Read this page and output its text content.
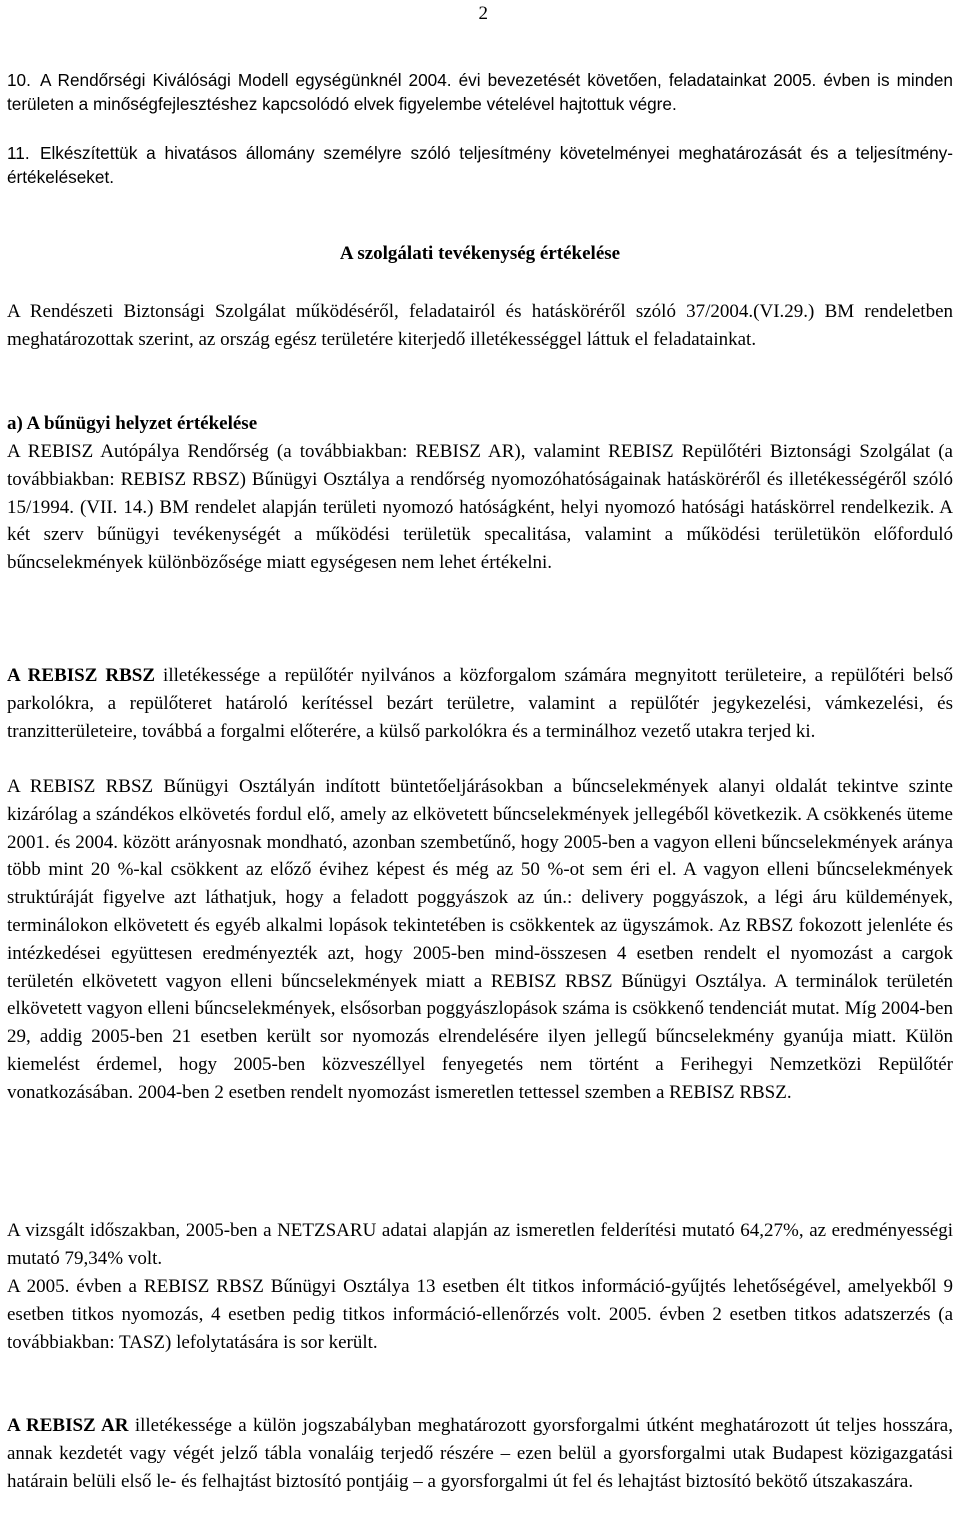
2
10. A Rendőrségi Kiválósági Modell egységünknél 2004. évi bevezetését követően, feladatainkat 2005. évben is minden területen a minőségfejlesztéshez kapcsolódó elvek figyelembe vételével hajtottuk végre.
11. Elkészítettük a hivatásos állomány személyre szóló teljesítmény követelményei meghatározását és a teljesítmény-értékeléseket.
A szolgálati tevékenység értékelése

A Rendészeti Biztonsági Szolgálat működéséről, feladatairól és hatásköréről szóló 37/2004.(VI.29.) BM rendeletben meghatározottak szerint, az ország egész területére kiterjedő illetékességgel láttuk el feladatainkat.

a) A bűnügyi helyzet értékelése

A REBISZ Autópálya Rendőrség (a továbbiakban: REBISZ AR), valamint REBISZ Repülőtéri Biztonsági Szolgálat (a továbbiakban: REBISZ RBSZ) Bűnügyi Osztálya a rendőrség nyomozóhatóságainak hatásköréről és illetékességéről szóló 15/1994. (VII. 14.) BM rendelet alapján területi nyomozó hatóságként, helyi nyomozó hatósági hatáskörrel rendelkezik. A két szerv bűnügyi tevékenységét a működési területük specalitása, valamint a működési területükön előforduló bűncselekmények különbözősége miatt egységesen nem lehet értékelni.

A REBISZ RBSZ illetékessége a repülőtér nyilvános a közforgalom számára megnyitott területeire, a repülőtéri belső parkolókra, a repülőteret határoló kerítéssel bezárt területre, valamint a repülőtér jegykezelési, vámkezelési, és tranzitterületeire, továbbá a forgalmi előterére, a külső parkolókra és a terminálhoz vezető utakra terjed ki.

A REBISZ RBSZ Bűnügyi Osztályán indított büntetőeljárásokban a bűncselekmények alanyi oldalát tekintve szinte kizárólag a szándékos elkövetés fordul elő, amely az elkövetett bűncselekmények jellegéből következik. A csökkenés üteme 2001. és 2004. között arányosnak mondható, azonban szembetűnő, hogy 2005-ben a vagyon elleni bűncselekmények aránya több mint 20 %-kal csökkent az előző évihez képest és még az 50 %-ot sem éri el. A vagyon elleni bűncselekmények struktúráját figyelve azt láthatjuk, hogy a feladott poggyászok az ún.: delivery poggyászok, a légi áru küldemények, terminálokon elkövetett és egyéb alkalmi lopások tekintetében is csökkentek az ügyszámok. Az RBSZ fokozott jelenléte és intézkedései együttesen eredményezték azt, hogy 2005-ben mind-összesen 4 esetben rendelt el nyomozást a cargok területén elkövetett vagyon elleni bűncselekmények miatt a REBISZ RBSZ Bűnügyi Osztálya. A terminálok területén elkövetett vagyon elleni bűncselekmények, elsősorban poggyászlopások száma is csökkenő tendenciát mutat. Míg 2004-ben 29, addig 2005-ben 21 esetben került sor nyomozás elrendelésére ilyen jellegű bűncselekmény gyanúja miatt. Külön kiemelést érdemel, hogy 2005-ben közveszéllyel fenyegetés nem történt a Ferihegyi Nemzetközi Repülőtér vonatkozásában. 2004-ben 2 esetben rendelt nyomozást ismeretlen tettessel szemben a REBISZ RBSZ.

A vizsgált időszakban, 2005-ben a NETZSARU adatai alapján az ismeretlen felderítési mutató 64,27%, az eredményességi mutató 79,34% volt.

A 2005. évben a REBISZ RBSZ Bűnügyi Osztálya 13 esetben élt titkos információ-gyűjtés lehetőségével, amelyekből 9 esetben titkos nyomozás, 4 esetben pedig titkos információ-ellenőrzés volt. 2005. évben 2 esetben titkos adatszerzés (a továbbiakban: TASZ) lefolytatására is sor került.

A REBISZ AR illetékessége a külön jogszabályban meghatározott gyorsforgalmi útként meghatározott út teljes hosszára, annak kezdetét vagy végét jelző tábla vonaláig terjedő részére – ezen belül a gyorsforgalmi utak Budapest közigazgatási határain belüli első le- és felhajtást biztosító pontjáig – a gyorsforgalmi út fel és lehajtást biztosító bekötő útszakaszára.
